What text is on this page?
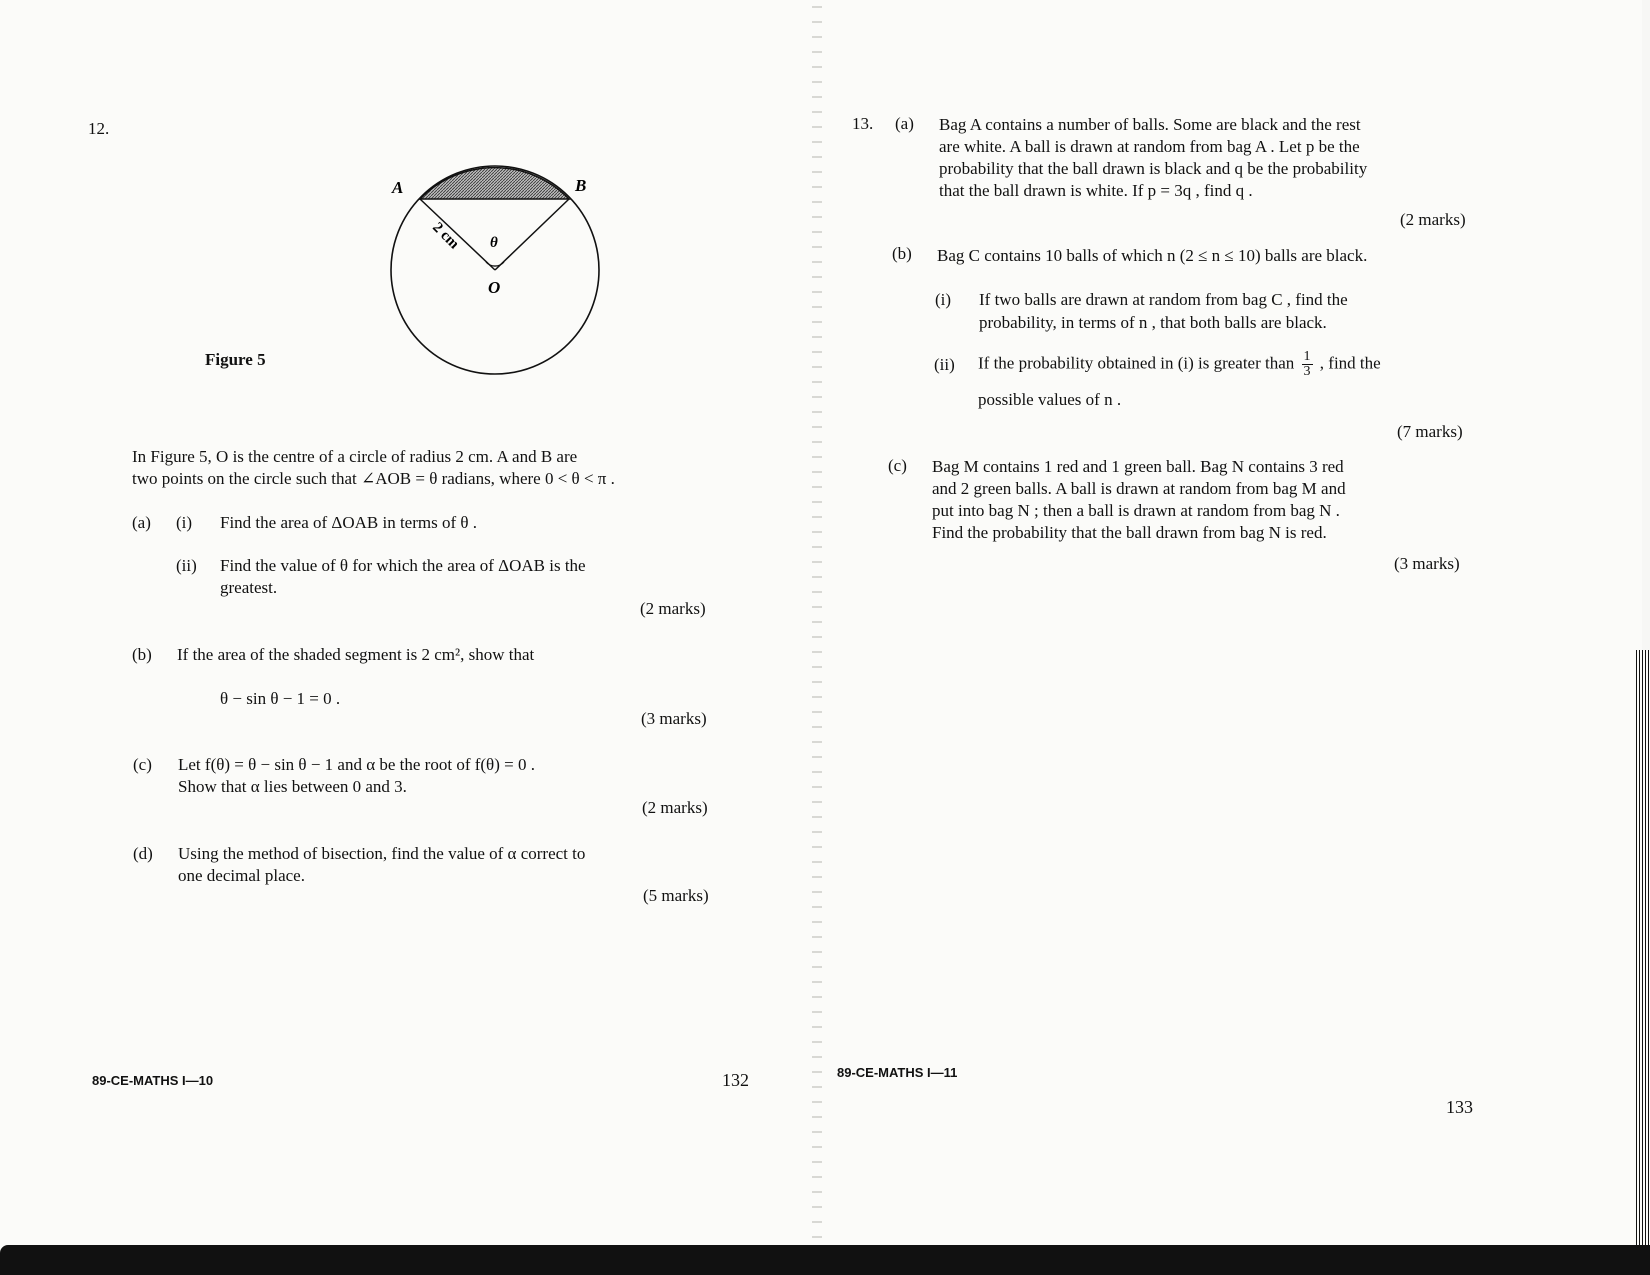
12.
A	B
O
θ
2 cm
Figure 5
In Figure 5, O is the centre of a circle of radius 2 cm. A and B are
two points on the circle such that ∠AOB = θ radians, where 0 < θ < π .
(a) (i) Find the area of ΔOAB in terms of θ .
(ii) Find the value of θ for which the area of ΔOAB is the
greatest.
(2 marks)
(b) If the area of the shaded segment is 2 cm², show that
θ − sin θ − 1 = 0 .
(3 marks)
(c) Let f(θ) = θ − sin θ − 1 and α be the root of f(θ) = 0 .
Show that α lies between 0 and 3.
(2 marks)
(d) Using the method of bisection, find the value of α correct to
one decimal place.
(5 marks)
89-CE-MATHS I—10	132
13. (a) Bag A contains a number of balls. Some are black and the rest
are white. A ball is drawn at random from bag A . Let p be the
probability that the ball drawn is black and q be the probability
that the ball drawn is white. If p = 3q , find q .
(2 marks)
(b) Bag C contains 10 balls of which n (2 ≤ n ≤ 10) balls are black.
(i) If two balls are drawn at random from bag C , find the
probability, in terms of n , that both balls are black.
(ii) If the probability obtained in (i) is greater than $\frac{1}{3}$ , find the
possible values of n .
(7 marks)
(c) Bag M contains 1 red and 1 green ball. Bag N contains 3 red
and 2 green balls. A ball is drawn at random from bag M and
put into bag N ; then a ball is drawn at random from bag N .
Find the probability that the ball drawn from bag N is red.
(3 marks)
89-CE-MATHS I—11
133
